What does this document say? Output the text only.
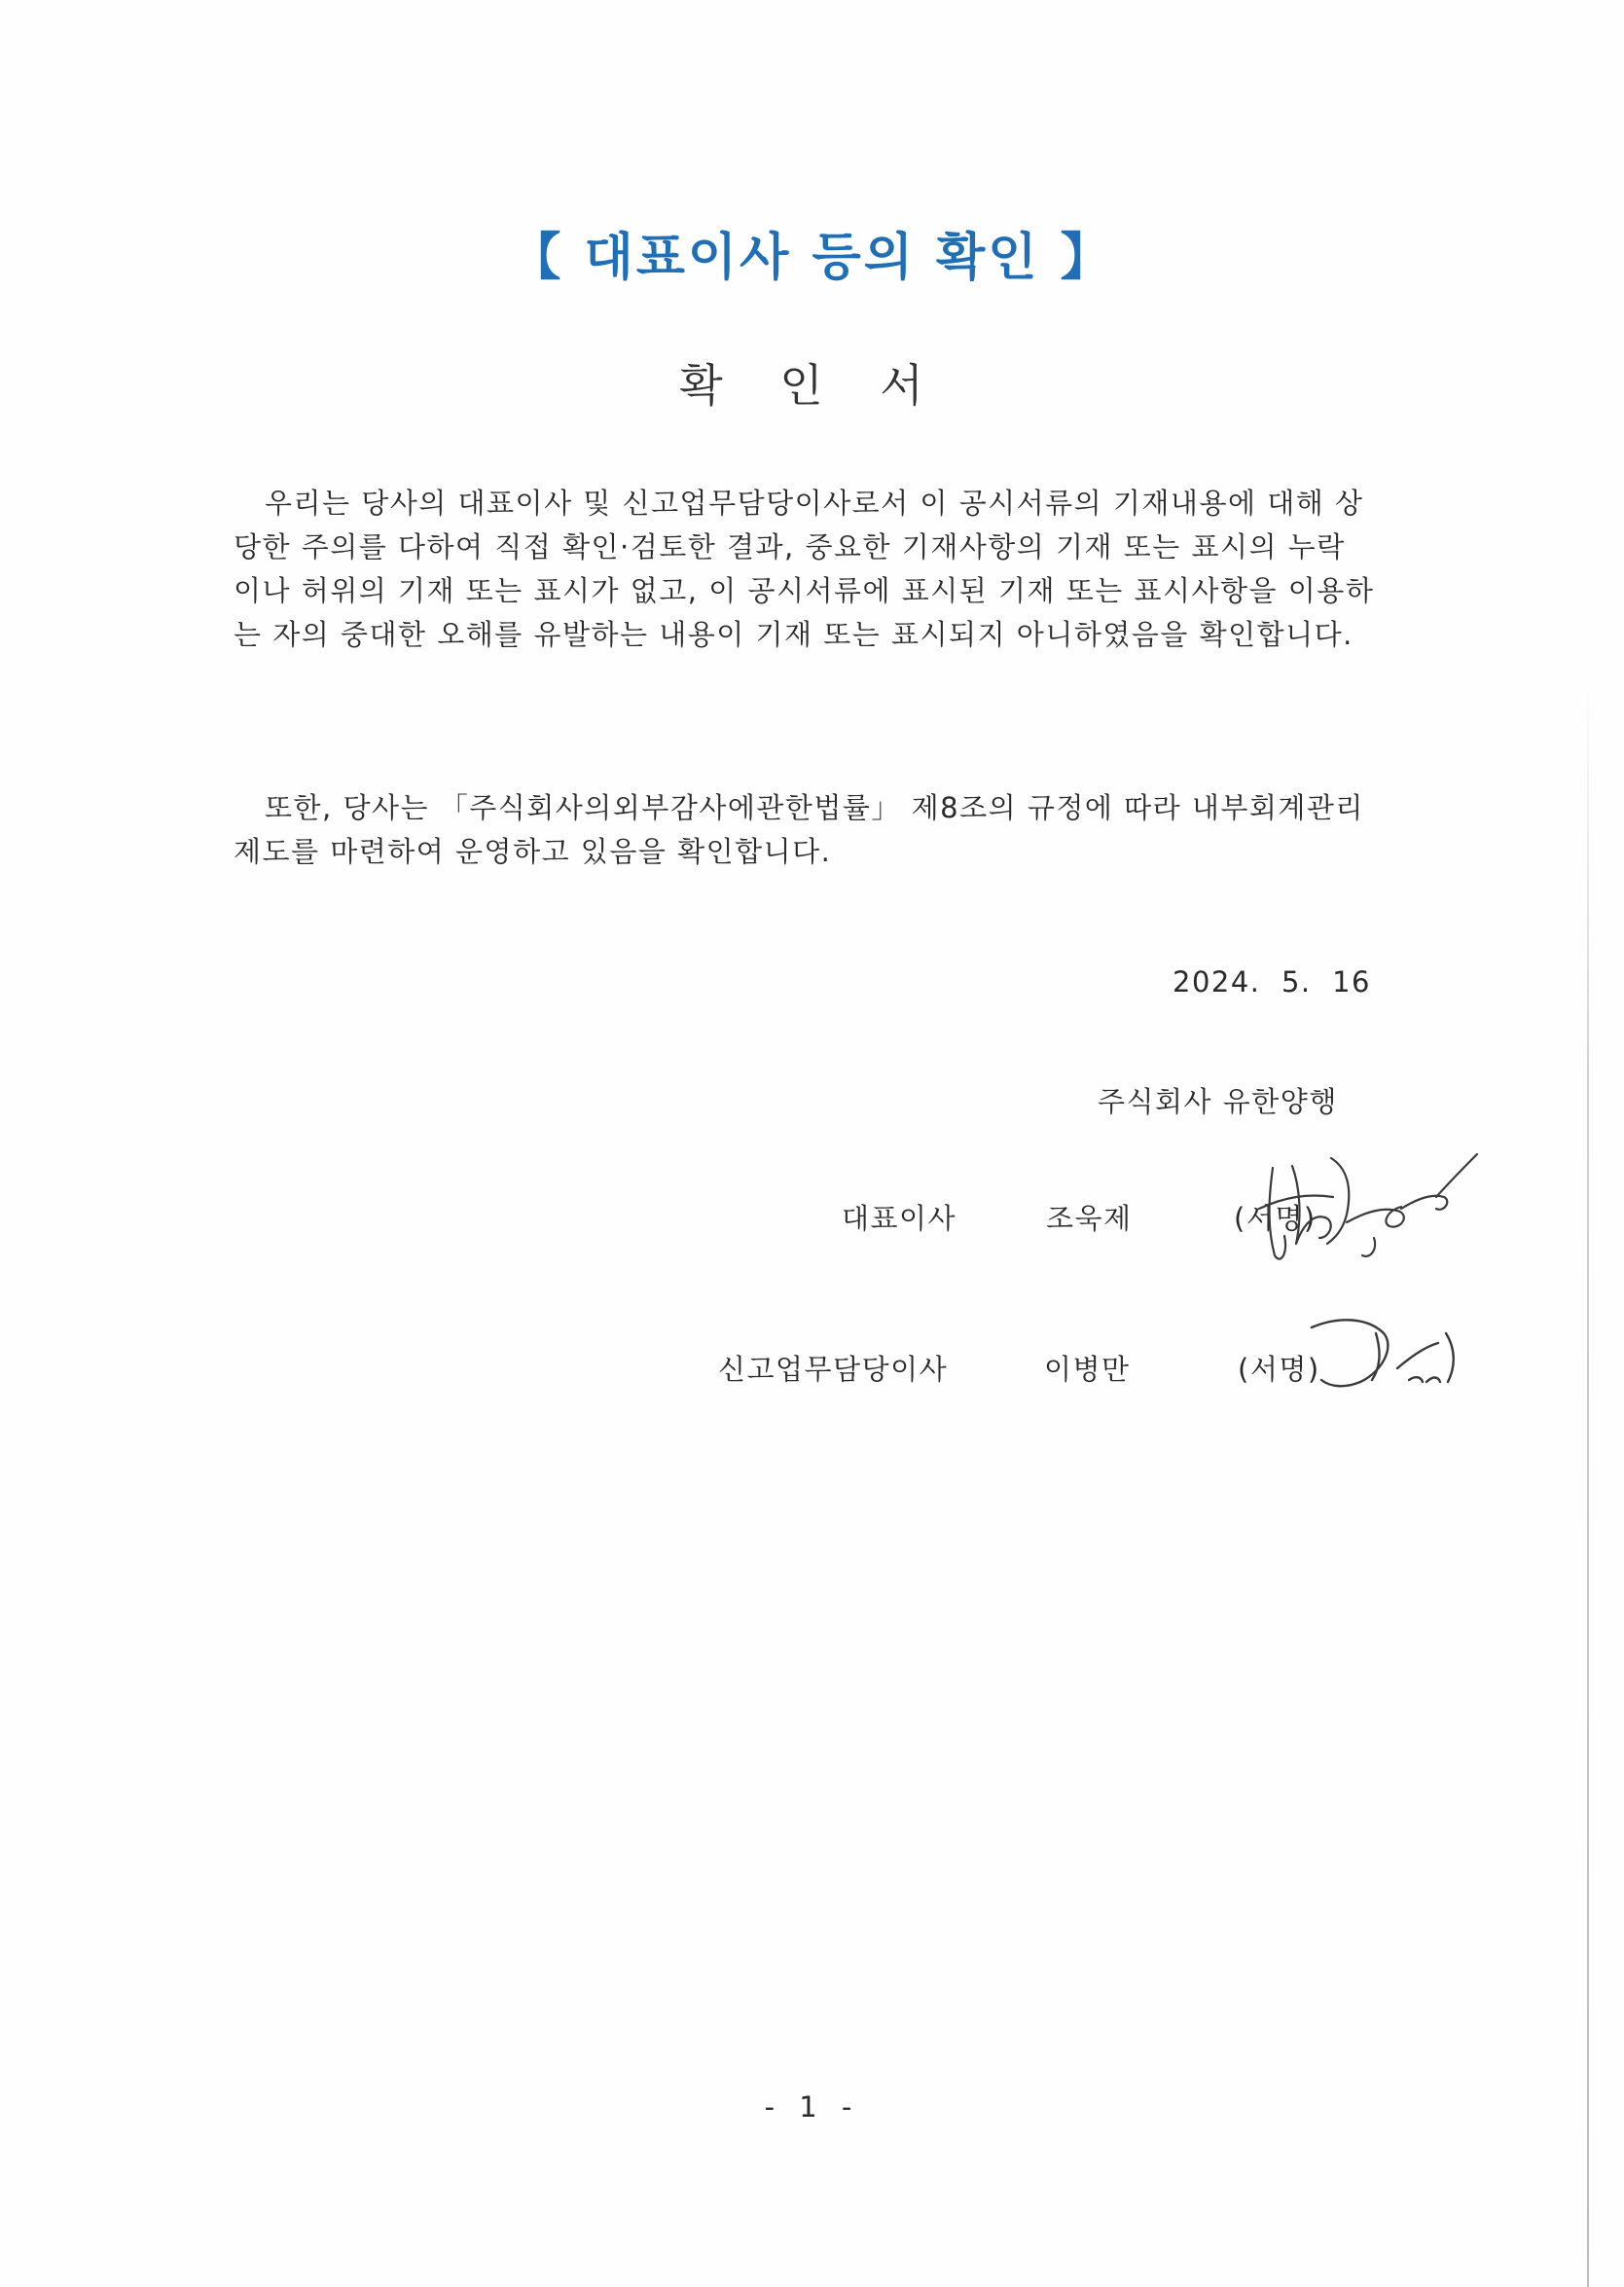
【 대표이사 등의 확인 】
확 인 서
우리는 당사의 대표이사 및 신고업무담당이사로서 이 공시서류의 기재내용에 대해 상
당한 주의를 다하여 직접 확인·검토한 결과, 중요한 기재사항의 기재 또는 표시의 누락
이나 허위의 기재 또는 표시가 없고, 이 공시서류에 표시된 기재 또는 표시사항을 이용하
는 자의 중대한 오해를 유발하는 내용이 기재 또는 표시되지 아니하였음을 확인합니다.
또한, 당사는 「주식회사의외부감사에관한법률」 제8조의 규정에 따라 내부회계관리
제도를 마련하여 운영하고 있음을 확인합니다.
2024.  5.  16
주식회사 유한양행
대표이사	조욱제	(서명)
신고업무담당이사	이병만	(서명)
- 1 -
